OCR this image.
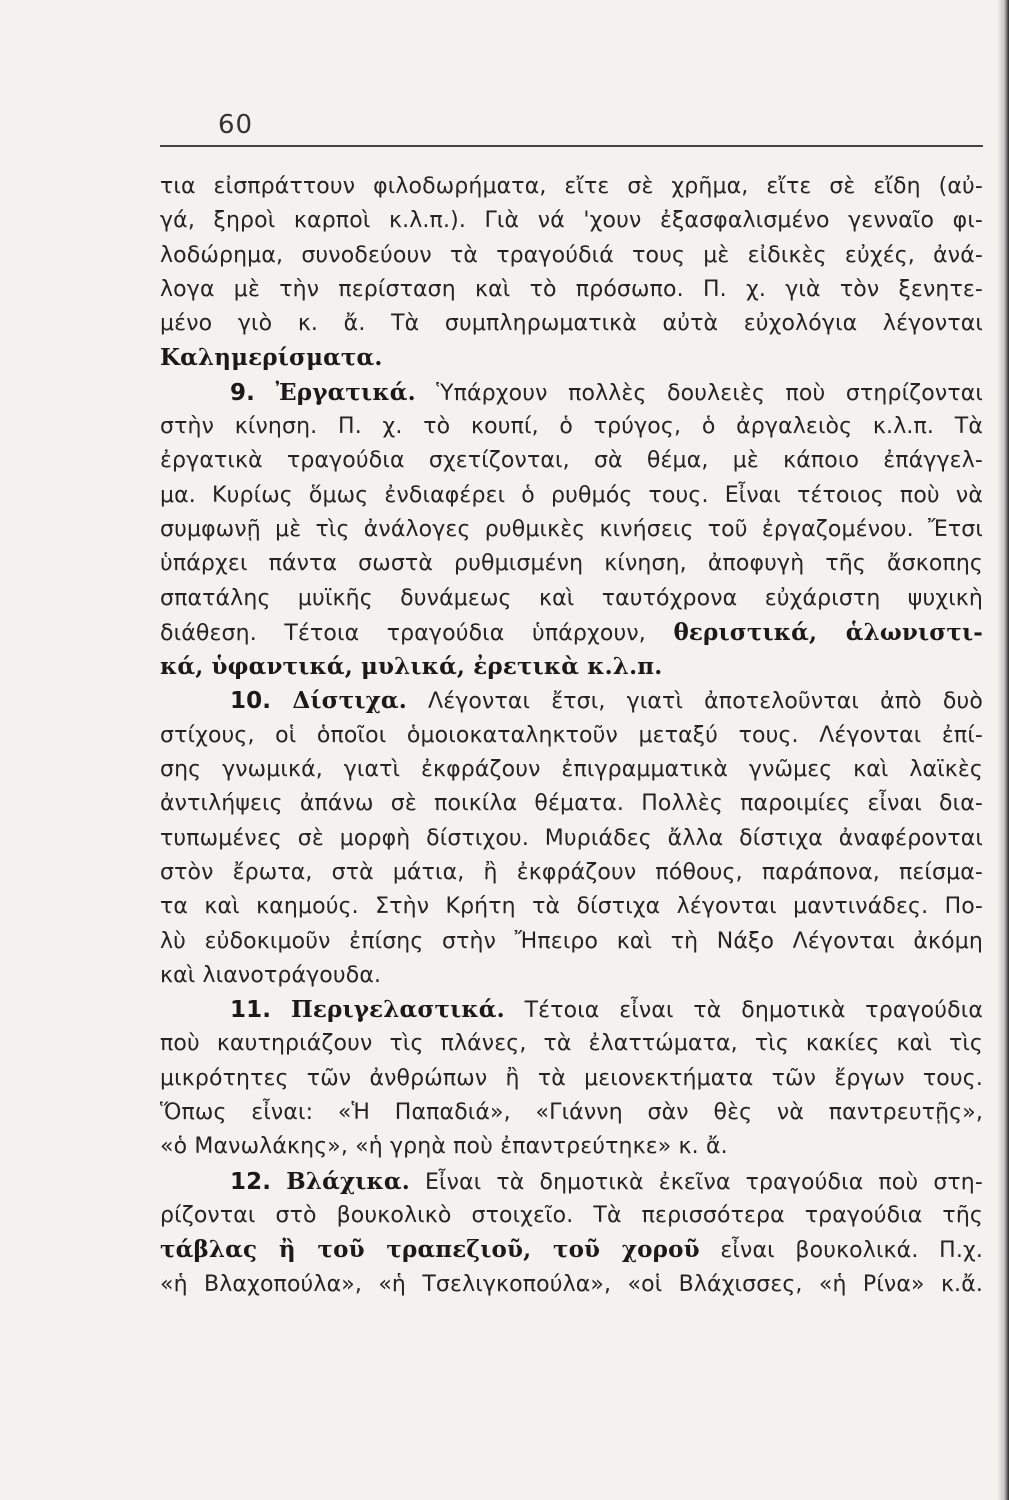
60
τια εἰσπράττουν φιλοδωρήματα, εἴτε σὲ χρῆμα, εἴτε σὲ εἴδη (αὐ-
γά, ξηροὶ καρποὶ κ.λ.π.). Γιὰ νά 'χουν ἐξασφαλισμένο γενναῖο φι-
λοδώρημα, συνοδεύουν τὰ τραγούδιά τους μὲ εἰδικὲς εὐχές, ἀνά-
λογα μὲ τὴν περίσταση καὶ τὸ πρόσωπο. Π. χ. γιὰ τὸν ξενητε-
μένο γιὸ κ. ἄ. Τὰ συμπληρωματικὰ αὐτὰ εὐχολόγια λέγονται
Καλημερίσματα.
9. Ἐργατικά. Ὑπάρχουν πολλὲς δουλειὲς ποὺ στηρίζονται
στὴν κίνηση. Π. χ. τὸ κουπί, ὁ τρύγος, ὁ ἀργαλειὸς κ.λ.π. Τὰ
ἐργατικὰ τραγούδια σχετίζονται, σὰ θέμα, μὲ κάποιο ἐπάγγελ-
μα. Κυρίως ὅμως ἐνδιαφέρει ὁ ρυθμός τους. Εἶναι τέτοιος ποὺ νὰ
συμφωνῇ μὲ τὶς ἀνάλογες ρυθμικὲς κινήσεις τοῦ ἐργαζομένου. Ἔτσι
ὑπάρχει πάντα σωστὰ ρυθμισμένη κίνηση, ἀποφυγὴ τῆς ἄσκοπης
σπατάλης μυϊκῆς δυνάμεως καὶ ταυτόχρονα εὐχάριστη ψυχικὴ
διάθεση. Τέτοια τραγούδια ὑπάρχουν, θεριστικά, ἁλωνιστι-
κά, ὑφαντικά, μυλικά, ἐρετικὰ κ.λ.π.
10. Δίστιχα. Λέγονται ἔτσι, γιατὶ ἀποτελοῦνται ἀπὸ δυὸ
στίχους, οἱ ὁποῖοι ὁμοιοκαταληκτοῦν μεταξύ τους. Λέγονται ἐπί-
σης γνωμικά, γιατὶ ἐκφράζουν ἐπιγραμματικὰ γνῶμες καὶ λαϊκὲς
ἀντιλήψεις ἀπάνω σὲ ποικίλα θέματα. Πολλὲς παροιμίες εἶναι δια-
τυπωμένες σὲ μορφὴ δίστιχου. Μυριάδες ἄλλα δίστιχα ἀναφέρονται
στὸν ἔρωτα, στὰ μάτια, ἢ ἐκφράζουν πόθους, παράπονα, πείσμα-
τα καὶ καημούς. Στὴν Κρήτη τὰ δίστιχα λέγονται μαντινάδες. Πο-
λὺ εὐδοκιμοῦν ἐπίσης στὴν Ἤπειρο καὶ τὴ Νάξο Λέγονται ἀκόμη
καὶ λιανοτράγουδα.
11. Περιγελαστικά. Τέτοια εἶναι τὰ δημοτικὰ τραγούδια
ποὺ καυτηριάζουν τὶς πλάνες, τὰ ἐλαττώματα, τὶς κακίες καὶ τὶς
μικρότητες τῶν ἀνθρώπων ἢ τὰ μειονεκτήματα τῶν ἔργων τους.
Ὅπως εἶναι: «Ἡ Παπαδιά», «Γιάννη σὰν θὲς νὰ παντρευτῇς»,
«ὁ Μανωλάκης», «ἡ γρηὰ ποὺ ἐπαντρεύτηκε» κ. ἄ.
12. Βλάχικα. Εἶναι τὰ δημοτικὰ ἐκεῖνα τραγούδια ποὺ στη-
ρίζονται στὸ βουκολικὸ στοιχεῖο. Τὰ περισσότερα τραγούδια τῆς
τάβλας ἢ τοῦ τραπεζιοῦ, τοῦ χοροῦ εἶναι βουκολικά. Π.χ.
«ἡ Βλαχοπούλα», «ἡ Τσελιγκοπούλα», «οἱ Βλάχισσες, «ἡ Ρίνα» κ.ἄ.
